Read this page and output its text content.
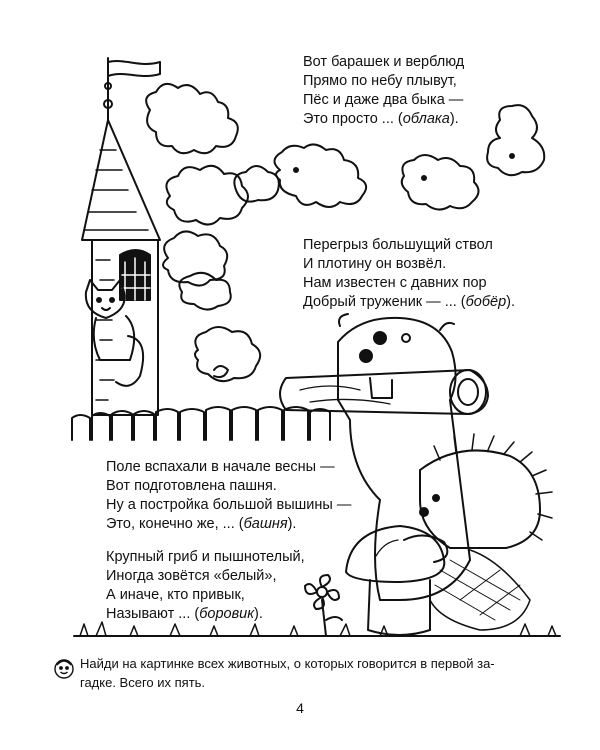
Вот барашек и верблюд
Прямо по небу плывут,
Пёс и даже два быка —
Это просто ... (облака).
Перегрыз большущий ствол
И плотину он возвёл.
Нам известен с давних пор
Добрый труженик — ... (бобёр).
Поле вспахали в начале весны —
Вот подготовлена пашня.
Ну а постройка большой вышины —
Это, конечно же, ... (башня).
Крупный гриб и пышнотелый,
Иногда зовётся «белый»,
А иначе, кто привык,
Называют ... (боровик).
Найди на картинке всех животных, о которых говорится в первой за-
гадке. Всего их пять.
4
